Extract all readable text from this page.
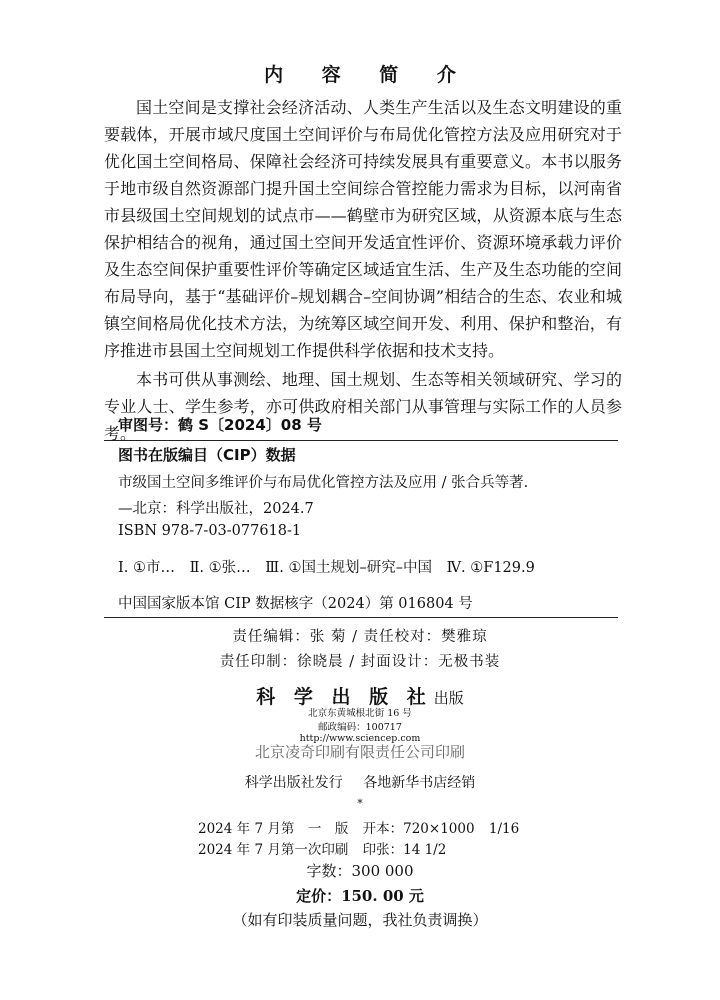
内 容 简 介

国土空间是支撑社会经济活动、人类生产生活以及生态文明建设的重要载体，开展市域尺度国土空间评价与布局优化管控方法及应用研究对于优化国土空间格局、保障社会经济可持续发展具有重要意义。本书以服务于地市级自然资源部门提升国土空间综合管控能力需求为目标，以河南省市县级国土空间规划的试点市——鹤壁市为研究区域，从资源本底与生态保护相结合的视角，通过国土空间开发适宜性评价、资源环境承载力评价及生态空间保护重要性评价等确定区域适宜生活、生产及生态功能的空间布局导向，基于“基础评价–规划耦合–空间协调”相结合的生态、农业和城镇空间格局优化技术方法，为统筹区域空间开发、利用、保护和整治，有序推进市县国土空间规划工作提供科学依据和技术支持。

本书可供从事测绘、地理、国土规划、生态等相关领域研究、学习的专业人士、学生参考，亦可供政府相关部门从事管理与实际工作的人员参考。

审图号：鹤 S〔2024〕08 号
图书在版编目（CIP）数据
市级国土空间多维评价与布局优化管控方法及应用 / 张合兵等著.
—北京：科学出版社，2024.7
ISBN 978-7-03-077618-1
Ⅰ. ①市… Ⅱ. ①张… Ⅲ. ①国土规划–研究–中国 Ⅳ. ①F129.9
中国国家版本馆 CIP 数据核字（2024）第 016804 号
责任编辑：张 菊 / 责任校对：樊雅琼
责任印制：徐晓晨 / 封面设计：无极书装
科 学 出 版 社 出版
北京东黄城根北街 16 号
邮政编码：100717
http://www.sciencep.com
北京凌奇印刷有限责任公司印刷
科学出版社发行 各地新华书店经销
*
2024 年 7 月第　一　版 开本：720×1000 1/16
2024 年 7 月第一次印刷 印张：14 1/2
字数：300 000
定价：150. 00 元
（如有印装质量问题，我社负责调换）
